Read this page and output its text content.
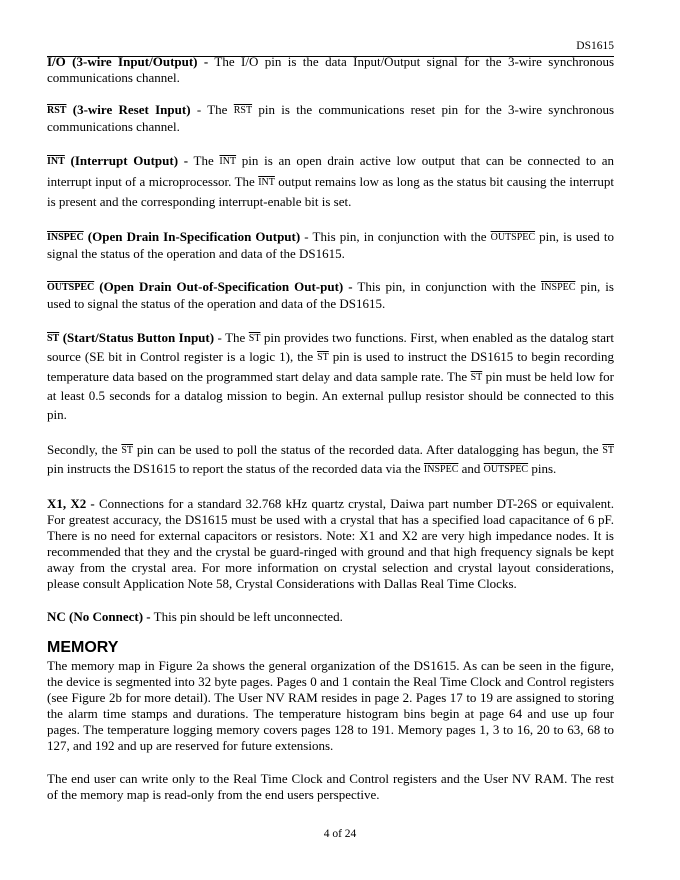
DS1615

I/O (3-wire Input/Output) - The I/O pin is the data Input/Output signal for the 3-wire synchronous communications channel.

$\overline{RST}$ (3-wire Reset Input) - The $\overline{RST}$ pin is the communications reset pin for the 3-wire synchronous communications channel.

$\overline{INT}$ (Interrupt Output) - The $\overline{INT}$ pin is an open drain active low output that can be connected to an interrupt input of a microprocessor. The $\overline{INT}$ output remains low as long as the status bit causing the interrupt is present and the corresponding interrupt-enable bit is set.

INSPEC (Open Drain In-Specification Output) - This pin, in conjunction with the OUTSPEC pin, is used to signal the status of the operation and data of the DS1615.

OUTSPEC (Open Drain Out-of-Specification Out-put) - This pin, in conjunction with the INSPEC pin, is used to signal the status of the operation and data of the DS1615.

$\overline{ST}$ (Start/Status Button Input) - The $\overline{ST}$ pin provides two functions. First, when enabled as the datalog start source (SE bit in Control register is a logic 1), the $\overline{ST}$ pin is used to instruct the DS1615 to begin recording temperature data based on the programmed start delay and data sample rate. The $\overline{ST}$ pin must be held low for at least 0.5 seconds for a datalog mission to begin. An external pullup resistor should be connected to this pin.

Secondly, the $\overline{ST}$ pin can be used to poll the status of the recorded data. After datalogging has begun, the $\overline{ST}$ pin instructs the DS1615 to report the status of the recorded data via the INSPEC and OUTSPEC pins.

X1, X2 - Connections for a standard 32.768 kHz quartz crystal, Daiwa part number DT-26S or equivalent. For greatest accuracy, the DS1615 must be used with a crystal that has a specified load capacitance of 6 pF. There is no need for external capacitors or resistors. Note: X1 and X2 are very high impedance nodes. It is recommended that they and the crystal be guard-ringed with ground and that high frequency signals be kept away from the crystal area. For more information on crystal selection and crystal layout considerations, please consult Application Note 58, Crystal Considerations with Dallas Real Time Clocks.

NC (No Connect) - This pin should be left unconnected.

MEMORY

The memory map in Figure 2a shows the general organization of the DS1615. As can be seen in the figure, the device is segmented into 32 byte pages. Pages 0 and 1 contain the Real Time Clock and Control registers (see Figure 2b for more detail). The User NV RAM resides in page 2. Pages 17 to 19 are assigned to storing the alarm time stamps and durations. The temperature histogram bins begin at page 64 and use up four pages. The temperature logging memory covers pages 128 to 191. Memory pages 1, 3 to 16, 20 to 63, 68 to 127, and 192 and up are reserved for future extensions.

The end user can write only to the Real Time Clock and Control registers and the User NV RAM. The rest of the memory map is read-only from the end users perspective.

4 of 24
